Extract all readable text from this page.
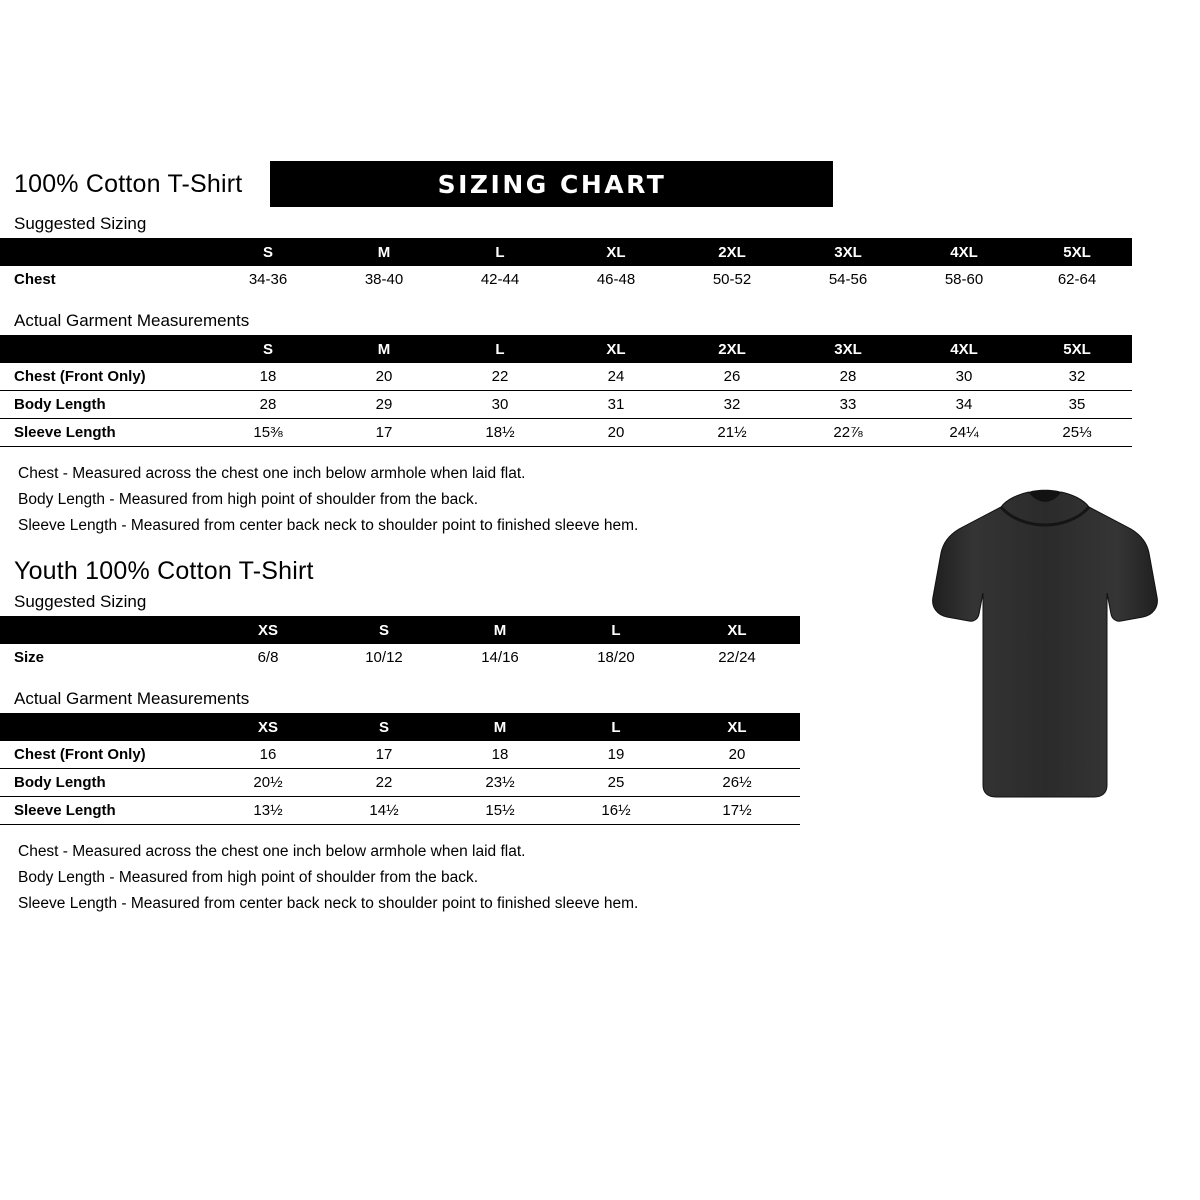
100% Cotton T-Shirt	SIZING CHART
Suggested Sizing
	S	M	L	XL	2XL	3XL	4XL	5XL
Chest	34-36	38-40	42-44	46-48	50-52	54-56	58-60	62-64
Actual Garment Measurements
	S	M	L	XL	2XL	3XL	4XL	5XL
Chest (Front Only)	18	20	22	24	26	28	30	32

Body Length	28	29	30	31	32	33	34	35

Sleeve Length	15⅜	17	18½	20	21½	22⅞	24¼	25⅓

Chest - Measured across the chest one inch below armhole when laid flat.
Body Length - Measured from high point of shoulder from the back.
Sleeve Length - Measured from center back neck to shoulder point to finished sleeve hem.
Youth 100% Cotton T-Shirt
Suggested Sizing
	XS	S	M	L	XL
Size	6/8	10/12	14/16	18/20	22/24
Actual Garment Measurements
	XS	S	M	L	XL
Chest (Front Only)	16	17	18	19	20

Body Length	20½	22	23½	25	26½

Sleeve Length	13½	14½	15½	16½	17½

Chest - Measured across the chest one inch below armhole when laid flat.
Body Length - Measured from high point of shoulder from the back.
Sleeve Length - Measured from center back neck to shoulder point to finished sleeve hem.
